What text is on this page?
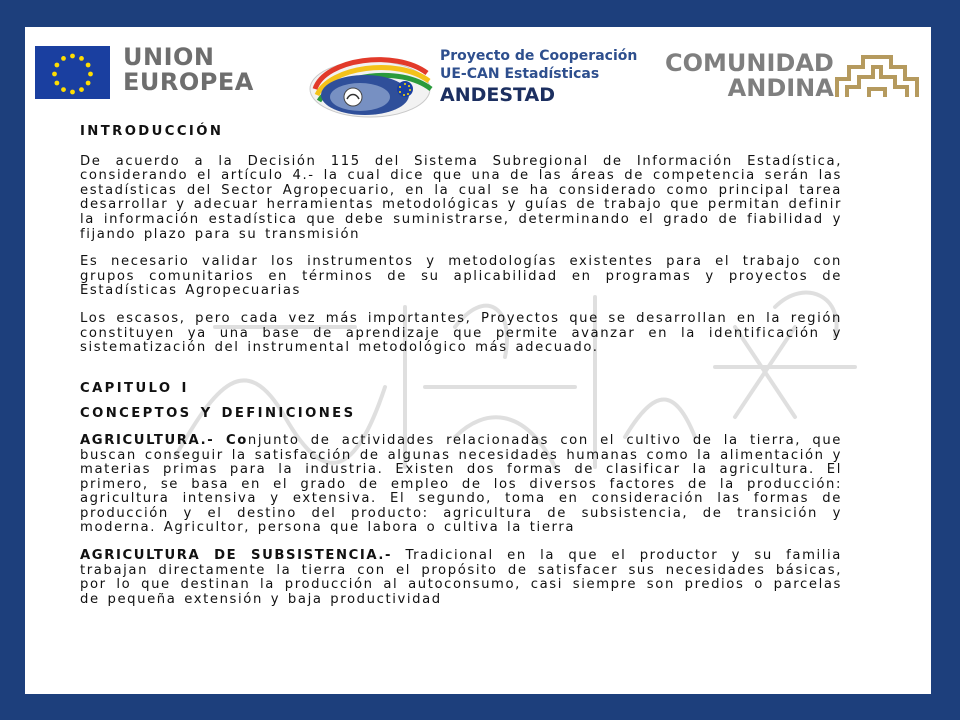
UNION
EUROPEA
Proyecto de Cooperación
UE-CAN Estadísticas
ANDESTAD
COMUNIDAD
ANDINA

INTRODUCCIÓN

De acuerdo a la Decisión 115 del Sistema Subregional de Información Estadística, considerando el artículo 4.- la cual dice que una de las áreas de competencia serán las estadísticas del Sector Agropecuario, en la cual se ha considerado como principal tarea desarrollar y adecuar herramientas metodológicas y guías de trabajo que permitan definir la información estadística que debe suministrarse, determinando el grado de fiabilidad y fijando plazo para su transmisión

Es necesario validar los instrumentos y metodologías existentes para el trabajo con grupos comunitarios en términos de su aplicabilidad en programas y proyectos de Estadísticas Agropecuarias

Los escasos, pero cada vez más importantes, Proyectos que se desarrollan en la región constituyen ya una base de aprendizaje que permite avanzar en la identificación y sistematización del instrumental metodológico más adecuado.

CAPITULO I

CONCEPTOS Y DEFINICIONES

AGRICULTURA.- Conjunto de actividades relacionadas con el cultivo de la tierra, que buscan conseguir la satisfacción de algunas necesidades humanas como la alimentación y materias primas para la industria. Existen dos formas de clasificar la agricultura. El primero, se basa en el grado de empleo de los diversos factores de la producción: agricultura intensiva y extensiva. El segundo, toma en consideración las formas de producción y el destino del producto: agricultura de subsistencia, de transición y moderna. Agricultor, persona que labora o cultiva la tierra

AGRICULTURA DE SUBSISTENCIA.- Tradicional en la que el productor y su familia trabajan directamente la tierra con el propósito de satisfacer sus necesidades básicas, por lo que destinan la producción al autoconsumo, casi siempre son predios o parcelas de pequeña extensión y baja productividad
